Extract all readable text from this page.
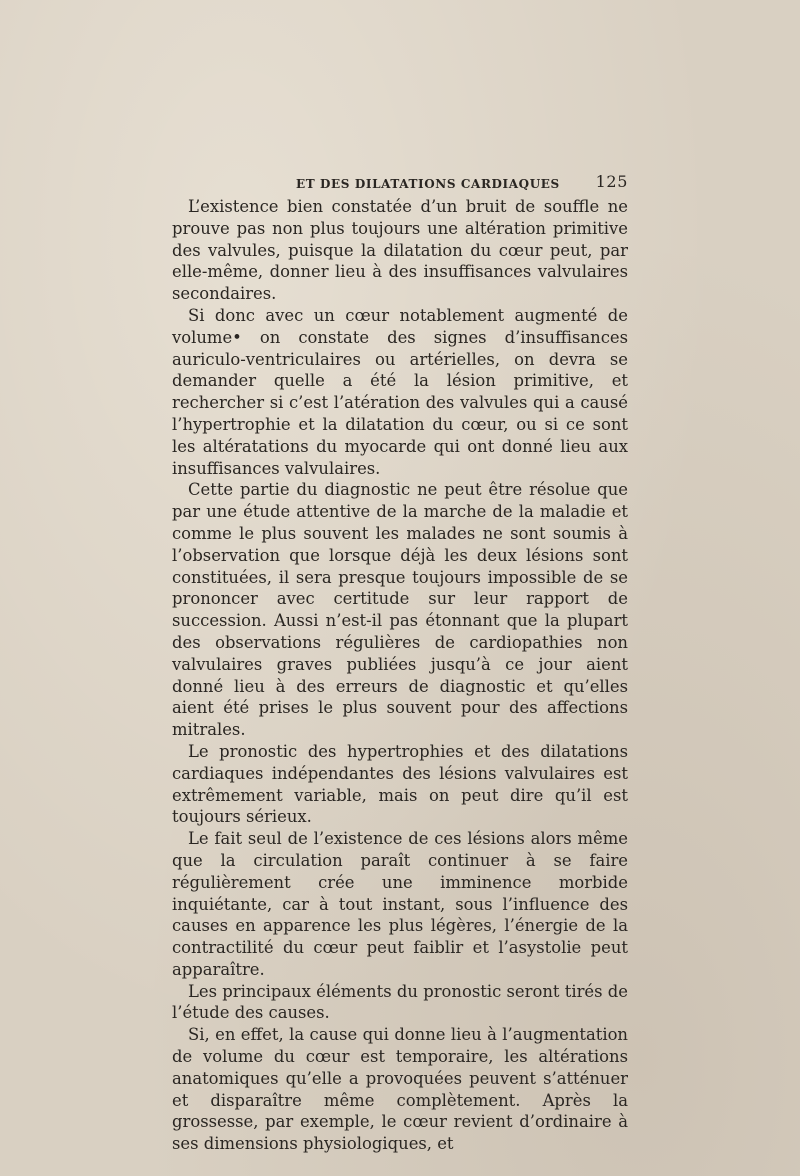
ET DES DILATATIONS CARDIAQUES 125

L’existence bien constatée d’un bruit de souffle ne prouve pas non plus toujours une altération primitive des valvules, puisque la dilatation du cœur peut, par elle-même, donner lieu à des insuffisances valvulaires secondaires.

Si donc avec un cœur notablement augmenté de volume• on constate des signes d’insuffisances auriculo-ventriculaires ou artérielles, on devra se demander quelle a été la lésion primitive, et rechercher si c’est l’atération des valvules qui a causé l’hypertrophie et la dilatation du cœur, ou si ce sont les altératations du myocarde qui ont donné lieu aux insuffisances valvulaires.

Cette partie du diagnostic ne peut être résolue que par une étude attentive de la marche de la maladie et comme le plus souvent les malades ne sont soumis à l’observation que lorsque déjà les deux lésions sont constituées, il sera presque toujours impossible de se prononcer avec certitude sur leur rapport de succession. Aussi n’est-il pas étonnant que la plupart des observations régulières de cardiopathies non valvulaires graves publiées jusqu’à ce jour aient donné lieu à des erreurs de diagnostic et qu’elles aient été prises le plus souvent pour des affections mitrales.

Le pronostic des hypertrophies et des dilatations cardiaques indépendantes des lésions valvulaires est extrêmement variable, mais on peut dire qu’il est toujours sérieux.

Le fait seul de l’existence de ces lésions alors même que la circulation paraît continuer à se faire régulièrement crée une imminence morbide inquiétante, car à tout instant, sous l’influence des causes en apparence les plus légères, l’énergie de la contractilité du cœur peut faiblir et l’asystolie peut apparaître.

Les principaux éléments du pronostic seront tirés de l’étude des causes.

Si, en effet, la cause qui donne lieu à l’augmentation de volume du cœur est temporaire, les altérations anatomiques qu’elle a provoquées peuvent s’atténuer et disparaître même complètement. Après la grossesse, par exemple, le cœur revient d’ordinaire à ses dimensions physiologiques, et
